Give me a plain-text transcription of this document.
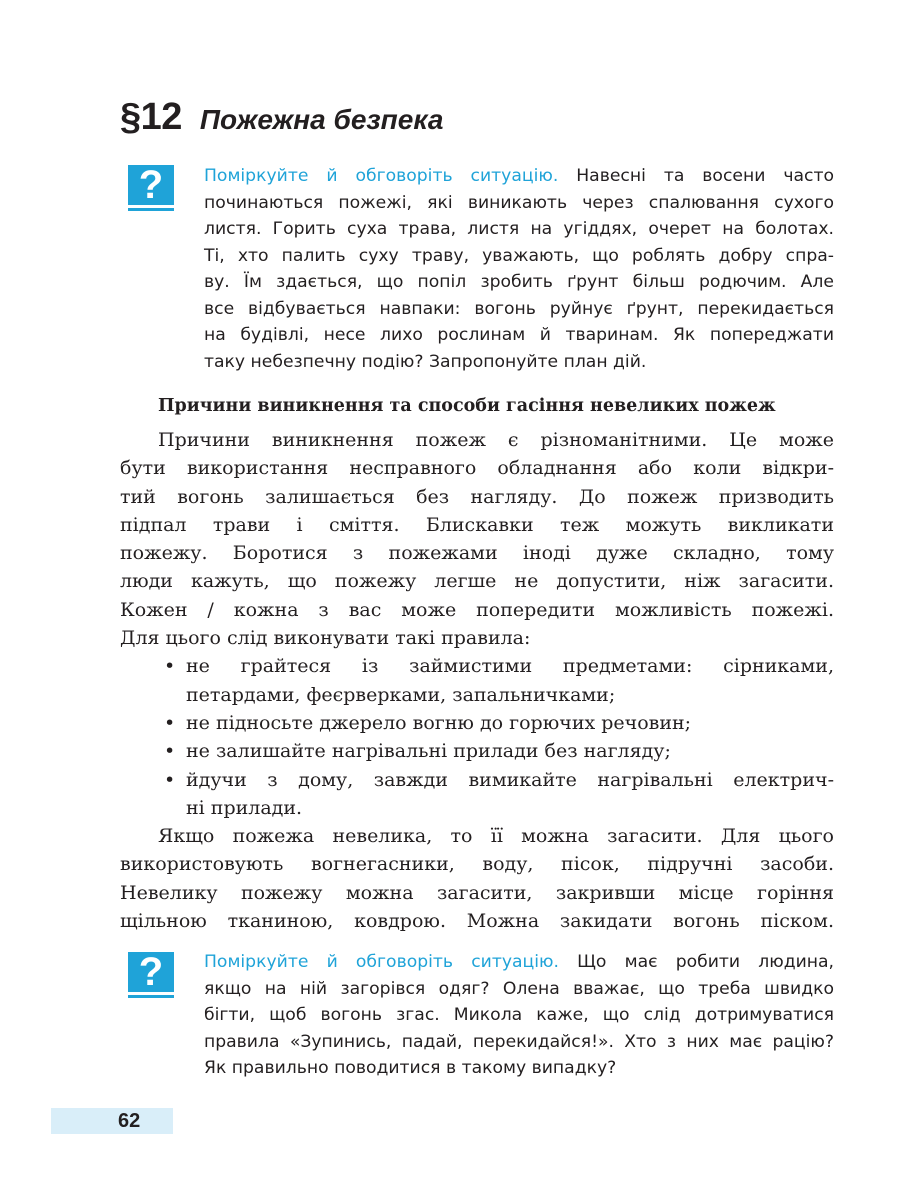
§12 Пожежна безпека
? Поміркуйте й обговоріть ситуацію. Навесні та восени часто
починаються пожежі, які виникають через спалювання сухого
листя. Горить суха трава, листя на угіддях, очерет на болотах.
Ті, хто палить суху траву, уважають, що роблять добру спра-
ву. Їм здається, що попіл зробить ґрунт більш родючим. Але
все відбувається навпаки: вогонь руйнує ґрунт, перекидається
на будівлі, несе лихо рослинам й тваринам. Як попереджати
таку небезпечну подію? Запропонуйте план дій.
Причини виникнення та способи гасіння невеликих пожеж
Причини виникнення пожеж є різноманітними. Це може
бути використання несправного обладнання або коли відкри-
тий вогонь залишається без нагляду. До пожеж призводить
підпал трави і сміття. Блискавки теж можуть викликати
пожежу. Боротися з пожежами іноді дуже складно, тому
люди кажуть, що пожежу легше не допустити, ніж загасити.
Кожен / кожна з вас може попередити можливість пожежі.
Для цього слід виконувати такі правила:
• не грайтеся із займистими предметами: сірниками,
петардами, феєрверками, запальничками;
• не підносьте джерело вогню до горючих речовин;
• не залишайте нагрівальні прилади без нагляду;
• йдучи з дому, завжди вимикайте нагрівальні електрич-
ні прилади.
Якщо пожежа невелика, то її можна загасити. Для цього
використовують вогнегасники, воду, пісок, підручні засоби.
Невелику пожежу можна загасити, закривши місце горіння
щільною тканиною, ковдрою. Можна закидати вогонь піском.
? Поміркуйте й обговоріть ситуацію. Що має робити людина,
якщо на ній загорівся одяг? Олена вважає, що треба швидко
бігти, щоб вогонь згас. Микола каже, що слід дотримуватися
правила «Зупинись, падай, перекидайся!». Хто з них має рацію?
Як правильно поводитися в такому випадку?
62
